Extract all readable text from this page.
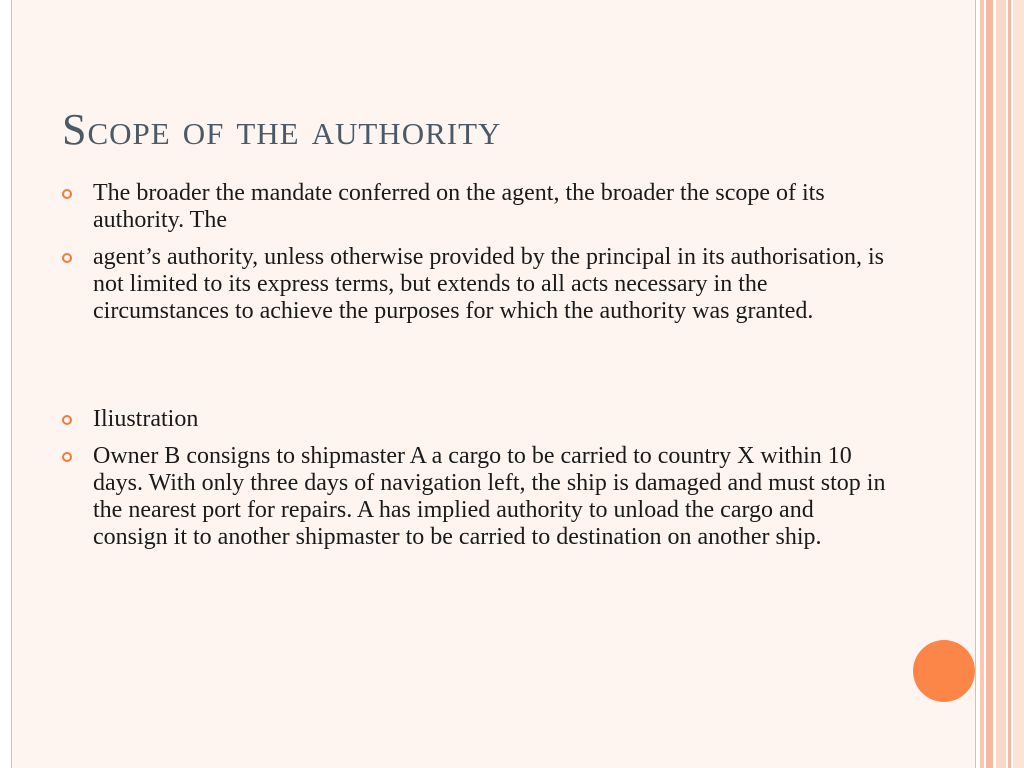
Scope of the authority
The broader the mandate conferred on the agent, the broader the scope of its authority. The
agent’s authority, unless otherwise provided by the principal in its authorisation, is not limited to its express terms, but extends to all acts necessary in the circumstances to achieve the purposes for which the authority was granted.
Iliustration
Owner B consigns to shipmaster A a cargo to be carried to country X within 10 days. With only three days of navigation left, the ship is damaged and must stop in the nearest port for repairs. A has implied authority to unload the cargo and consign it to another shipmaster to be carried to destination on another ship.
